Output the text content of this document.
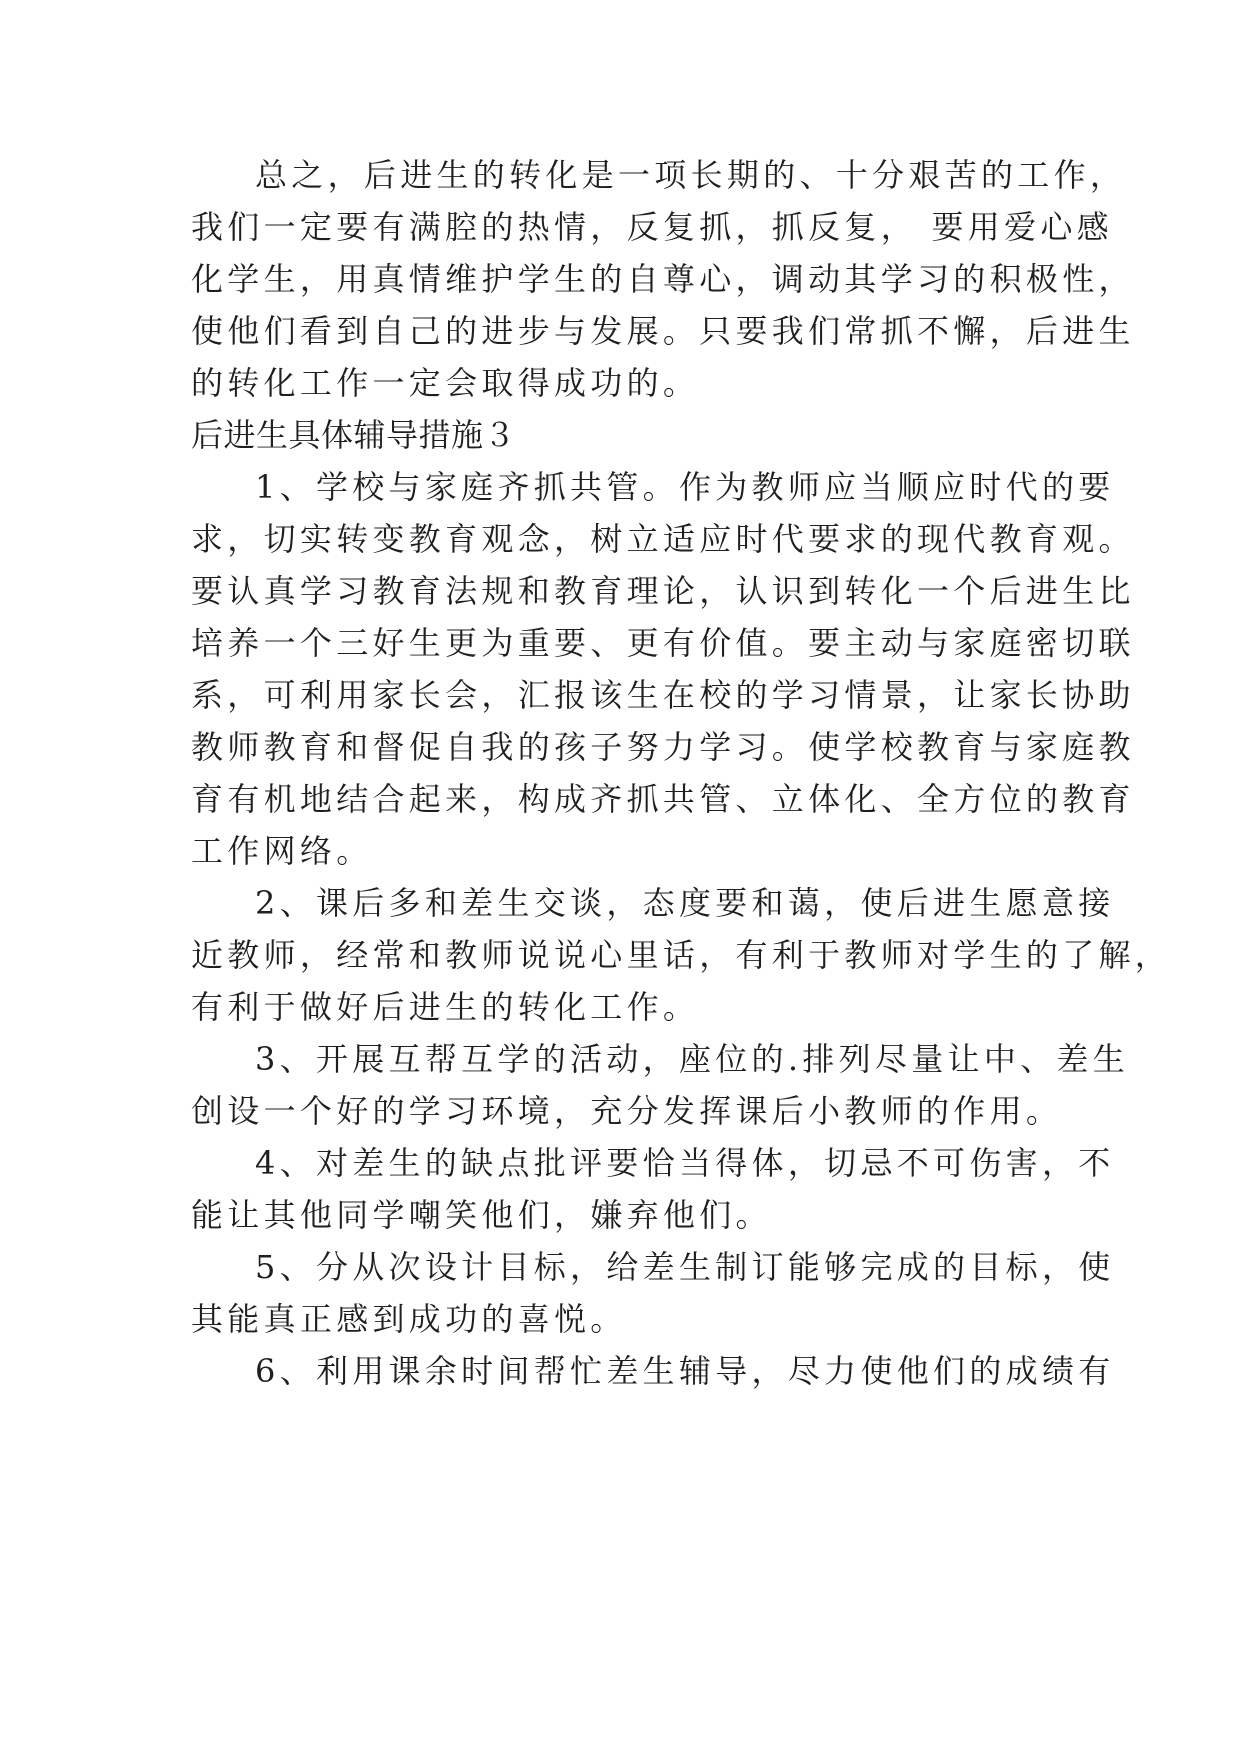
总之，后进生的转化是一项长期的、十分艰苦的工作，
我们一定要有满腔的热情，反复抓，抓反复， 要用爱心感
化学生，用真情维护学生的自尊心，调动其学习的积极性，
使他们看到自己的进步与发展。只要我们常抓不懈，后进生
的转化工作一定会取得成功的。
后进生具体辅导措施３
1、学校与家庭齐抓共管。作为教师应当顺应时代的要
求，切实转变教育观念，树立适应时代要求的现代教育观。
要认真学习教育法规和教育理论，认识到转化一个后进生比
培养一个三好生更为重要、更有价值。要主动与家庭密切联
系，可利用家长会，汇报该生在校的学习情景，让家长协助
教师教育和督促自我的孩子努力学习。使学校教育与家庭教
育有机地结合起来，构成齐抓共管、立体化、全方位的教育
工作网络。
2、课后多和差生交谈，态度要和蔼，使后进生愿意接
近教师，经常和教师说说心里话，有利于教师对学生的了解，
有利于做好后进生的转化工作。
3、开展互帮互学的活动，座位的.排列尽量让中、差生
创设一个好的学习环境，充分发挥课后小教师的作用。
4、对差生的缺点批评要恰当得体，切忌不可伤害，不
能让其他同学嘲笑他们，嫌弃他们。
5、分从次设计目标，给差生制订能够完成的目标，使
其能真正感到成功的喜悦。
6、利用课余时间帮忙差生辅导，尽力使他们的成绩有
